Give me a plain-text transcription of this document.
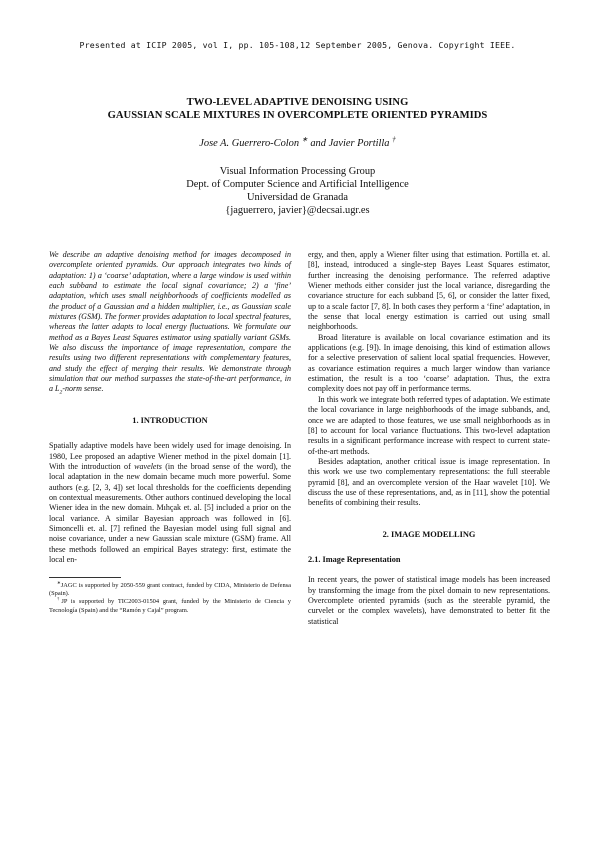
Presented at ICIP 2005, vol I, pp. 105-108,12 September 2005, Genova. Copyright IEEE.
TWO-LEVEL ADAPTIVE DENOISING USING
GAUSSIAN SCALE MIXTURES IN OVERCOMPLETE ORIENTED PYRAMIDS
Jose A. Guerrero-Colon ∗ and Javier Portilla †
Visual Information Processing Group
Dept. of Computer Science and Artificial Intelligence
Universidad de Granada
{jaguerrero, javier}@decsai.ugr.es

We describe an adaptive denoising method for images decomposed in overcomplete oriented pyramids. Our approach integrates two kinds of adaptation: 1) a ‘coarse’ adaptation, where a large window is used within each subband to estimate the local signal covariance; 2) a ‘fine’ adaptation, which uses small neighborhoods of coefficients modelled as the product of a Gaussian and a hidden multiplier, i.e., as Gaussian scale mixtures (GSM). The former provides adaptation to local spectral features, whereas the latter adapts to local energy fluctuations. We formulate our method as a Bayes Least Squares estimator using spatially variant GSMs. We also discuss the importance of image representation, compare the results using two different representations with complementary features, and study the effect of merging their results. We demonstrate through simulation that our method surpasses the state-of-the-art performance, in a $L_2$-norm sense.

1. INTRODUCTION

Spatially adaptive models have been widely used for image denoising. In 1980, Lee proposed an adaptive Wiener method in the pixel domain [1]. With the introduction of wavelets (in the broad sense of the word), the local adaptation in the new domain became much more powerful. Some authors (e.g. [2, 3, 4]) set local thresholds for the coefficients depending on contextual measurements. Other authors continued developing the local Wiener idea in the new domain. Mıhçak et. al. [5] included a prior on the local variance. A similar Bayesian approach was followed in [6]. Simoncelli et. al. [7] refined the Bayesian model using full signal and noise covariance, under a new Gaussian scale mixture (GSM) frame. All these methods followed an empirical Bayes strategy: first, estimate the local en-

∗JAGC is supported by 2050-559 grant contract, funded by CIDA, Ministerio de Defensa (Spain).

†JP is supported by TIC2003-01504 grant, funded by the Ministerio de Ciencia y Tecnología (Spain) and the “Ramón y Cajal” program.

ergy, and then, apply a Wiener filter using that estimation. Portilla et. al. [8], instead, introduced a single-step Bayes Least Squares estimator, further increasing the denoising performance. The referred adaptive Wiener methods either consider just the local variance, disregarding the covariance structure for each subband [5, 6], or consider the latter fixed, up to a scale factor [7, 8]. In both cases they perform a ‘fine’ adaptation, in the sense that local energy estimation is carried out using small neighborhoods.

Broad literature is available on local covariance estimation and its applications (e.g. [9]). In image denoising, this kind of estimation allows for a selective preservation of salient local spatial frequencies. However, as covariance estimation requires a much larger window than variance estimation, the result is a too ‘coarse’ adaptation. Thus, the extra complexity does not pay off in performance terms.

In this work we integrate both referred types of adaptation. We estimate the local covariance in large neighborhoods of the image subbands, and, once we are adapted to those features, we use small neighborhoods as in [8] to account for local variance fluctuations. This two-level adaptation results in a significant performance increase with respect to current state-of-the-art methods.

Besides adaptation, another critical issue is image representation. In this work we use two complementary representations: the full steerable pyramid [8], and an overcomplete version of the Haar wavelet [10]. We discuss the use of these representations, and, as in [11], show the potential benefits of combining their results.

2. IMAGE MODELLING
2.1. Image Representation

In recent years, the power of statistical image models has been increased by transforming the image from the pixel domain to new representations. Overcomplete oriented pyramids (such as the steerable pyramid, the curvelet or the complex wavelets), have demonstrated to better fit the statistical
